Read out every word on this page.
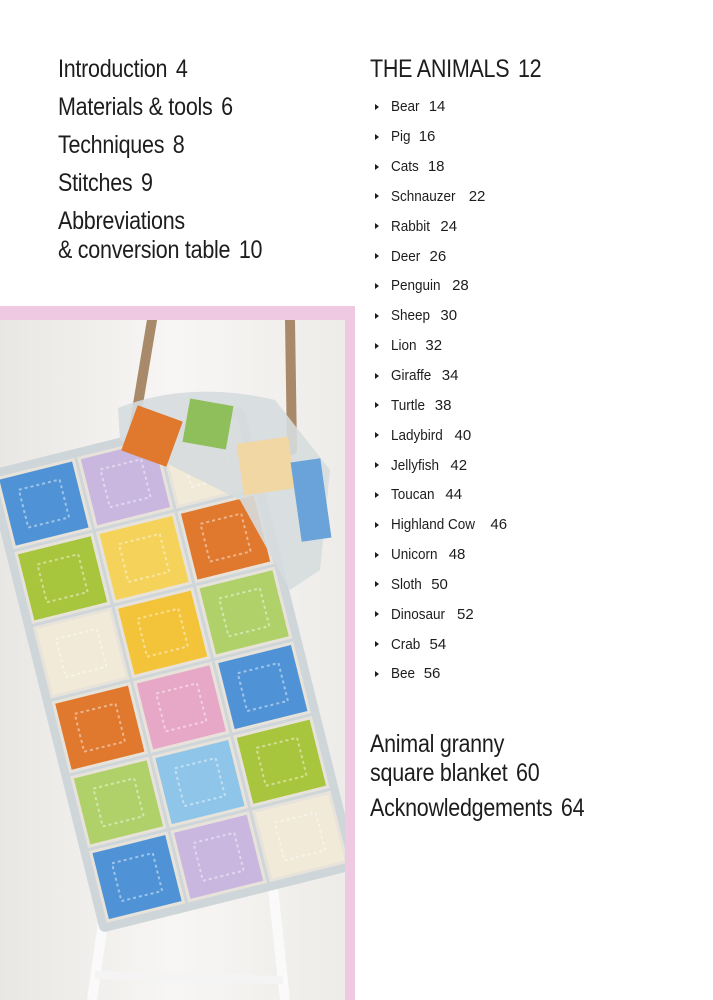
Introduction 4
Materials & tools 6
Techniques 8
Stitches 9
Abbreviations
& conversion table 10
THE ANIMALS 12
Bear 14
Pig 16
Cats 18
Schnauzer 22
Rabbit 24
Deer 26
Penguin 28
Sheep 30
Lion 32
Giraffe 34
Turtle 38
Ladybird 40
Jellyfish 42
Toucan 44
Highland Cow 46
Unicorn 48
Sloth 50
Dinosaur 52
Crab 54
Bee 56
Animal granny
square blanket 60
Acknowledgements 64
